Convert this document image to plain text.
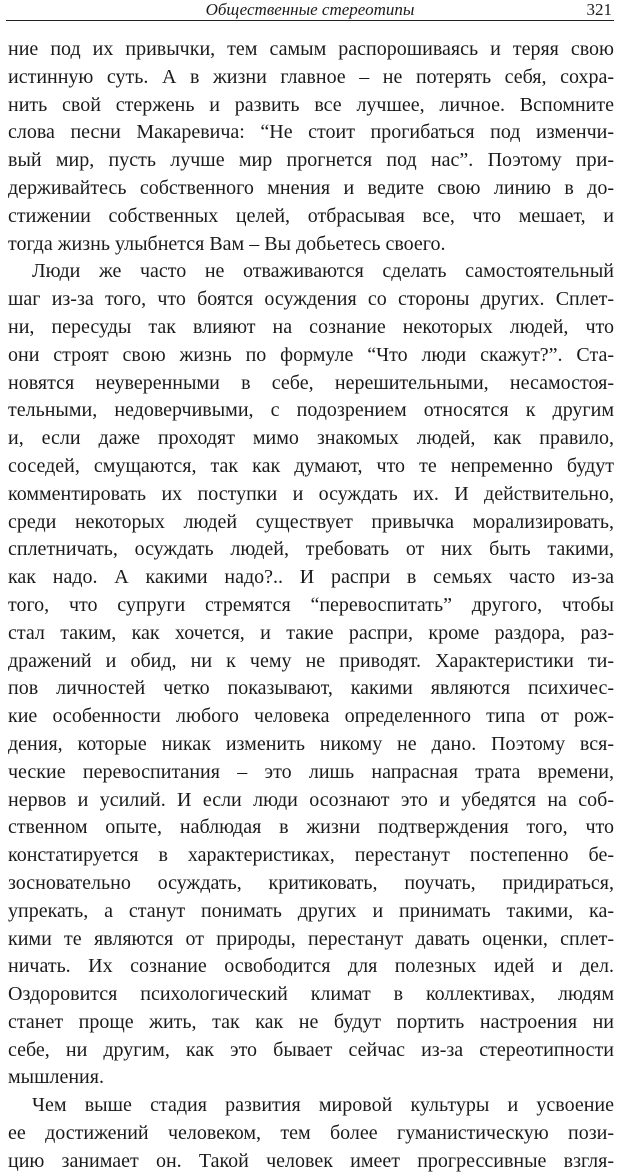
Общественные стереотипы	321
ние под их привычки, тем самым распорошиваясь и теряя свою
истинную суть. А в жизни главное – не потерять себя, сохра-
нить свой стержень и развить все лучшее, личное. Вспомните
слова песни Макаревича: “Не стоит прогибаться под изменчи-
вый мир, пусть лучше мир прогнется под нас”. Поэтому при-
держивайтесь собственного мнения и ведите свою линию в до-
стижении собственных целей, отбрасывая все, что мешает, и
тогда жизнь улыбнется Вам – Вы добьетесь своего.
Люди же часто не отваживаются сделать самостоятельный
шаг из-за того, что боятся осуждения со стороны других. Сплет-
ни, пересуды так влияют на сознание некоторых людей, что
они строят свою жизнь по формуле “Что люди скажут?”. Ста-
новятся неуверенными в себе, нерешительными, несамостоя-
тельными, недоверчивыми, с подозрением относятся к другим
и, если даже проходят мимо знакомых людей, как правило,
соседей, смущаются, так как думают, что те непременно будут
комментировать их поступки и осуждать их. И действительно,
среди некоторых людей существует привычка морализировать,
сплетничать, осуждать людей, требовать от них быть такими,
как надо. А какими надо?.. И распри в семьях часто из-за
того, что супруги стремятся “перевоспитать” другого, чтобы
стал таким, как хочется, и такие распри, кроме раздора, раз-
дражений и обид, ни к чему не приводят. Характеристики ти-
пов личностей четко показывают, какими являются психичес-
кие особенности любого человека определенного типа от рож-
дения, которые никак изменить никому не дано. Поэтому вся-
ческие перевоспитания – это лишь напрасная трата времени,
нервов и усилий. И если люди осознают это и убедятся на соб-
ственном опыте, наблюдая в жизни подтверждения того, что
констатируется в характеристиках, перестанут постепенно бе-
зосновательно осуждать, критиковать, поучать, придираться,
упрекать, а станут понимать других и принимать такими, ка-
кими те являются от природы, перестанут давать оценки, сплет-
ничать. Их сознание освободится для полезных идей и дел.
Оздоровится психологический климат в коллективах, людям
станет проще жить, так как не будут портить настроения ни
себе, ни другим, как это бывает сейчас из-за стереотипности
мышления.
Чем выше стадия развития мировой культуры и усвоение
ее достижений человеком, тем более гуманистическую пози-
цию занимает он. Такой человек имеет прогрессивные взгля-
